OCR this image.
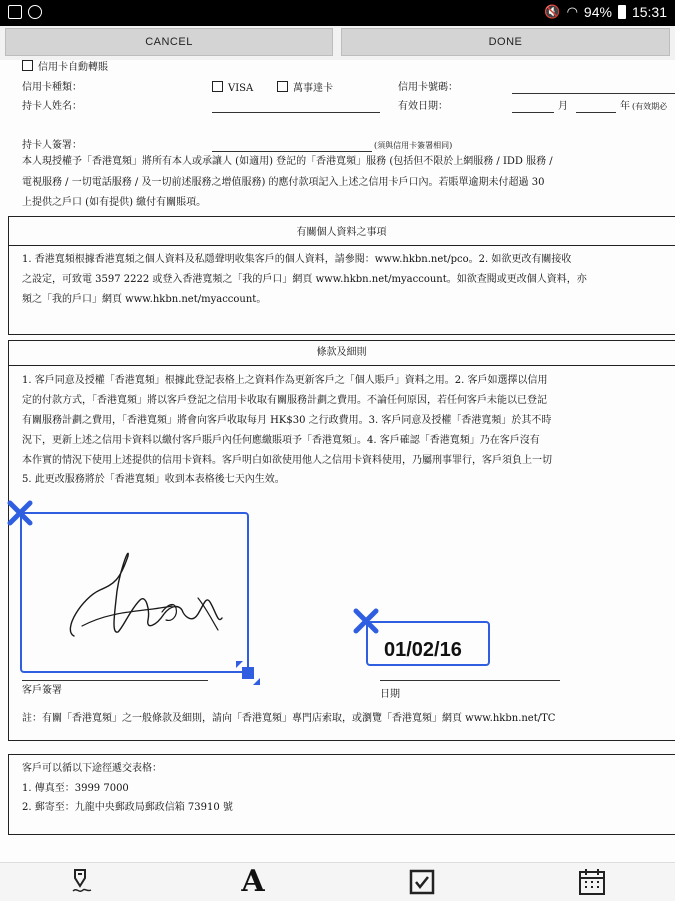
🔇 ◠ 94% 15:31
CANCEL	DONE
信用卡自動轉賬
信用卡種類：	VISA	萬事達卡	信用卡號碼：
持卡人姓名：	有效日期：	月	年 (有效期必
持卡人簽署：	(須與信用卡簽署相同)
本人現授權予「香港寬頻」將所有本人或承讓人 (如適用) 登記的「香港寬頻」服務 (包括但不限於上網服務 / IDD 服務 /
電視服務 / 一切電話服務 / 及一切前述服務之增值服務) 的應付款項記入上述之信用卡戶口內。若賬單逾期未付超過 30
上提供之戶口 (如有提供) 繳付有關賬項。
有關個人資料之事項
1. 香港寬頻根據香港寬頻之個人資料及私隱聲明收集客戶的個人資料，請參閱：www.hkbn.net/pco。2. 如欲更改有關接收
之設定，可致電 3597 2222 或登入香港寬頻之「我的戶口」網頁 www.hkbn.net/myaccount。如欲查閱或更改個人資料，亦
頻之「我的戶口」網頁 www.hkbn.net/myaccount。
條款及細則
1. 客戶同意及授權「香港寬頻」根據此登記表格上之資料作為更新客戶之「個人賬戶」資料之用。2. 客戶如選擇以信用
定的付款方式，「香港寬頻」將以客戶登記之信用卡收取有關服務計劃之費用。不論任何原因，若任何客戶未能以已登記
有關服務計劃之費用，「香港寬頻」將會向客戶收取每月 HK$30 之行政費用。3. 客戶同意及授權「香港寬頻」於其不時
況下，更新上述之信用卡資料以繳付客戶賬戶內任何應繳賬項予「香港寬頻」。4. 客戶確認「香港寬頻」乃在客戶沒有
本作實的情況下使用上述提供的信用卡資料。客戶明白如欲使用他人之信用卡資料使用，乃屬刑事罪行，客戶須負上一切
5. 此更改服務將於「香港寬頻」收到本表格後七天內生效。
客戶簽署	日期
註：有關「香港寬頻」之一般條款及細則，請向「香港寬頻」專門店索取，或瀏覽「香港寬頻」網頁 www.hkbn.net/TC
客戶可以循以下途徑遞交表格：
1. 傳真至：3999 7000
2. 郵寄至：九龍中央郵政局郵政信箱 73910 號
01/02/16
A
